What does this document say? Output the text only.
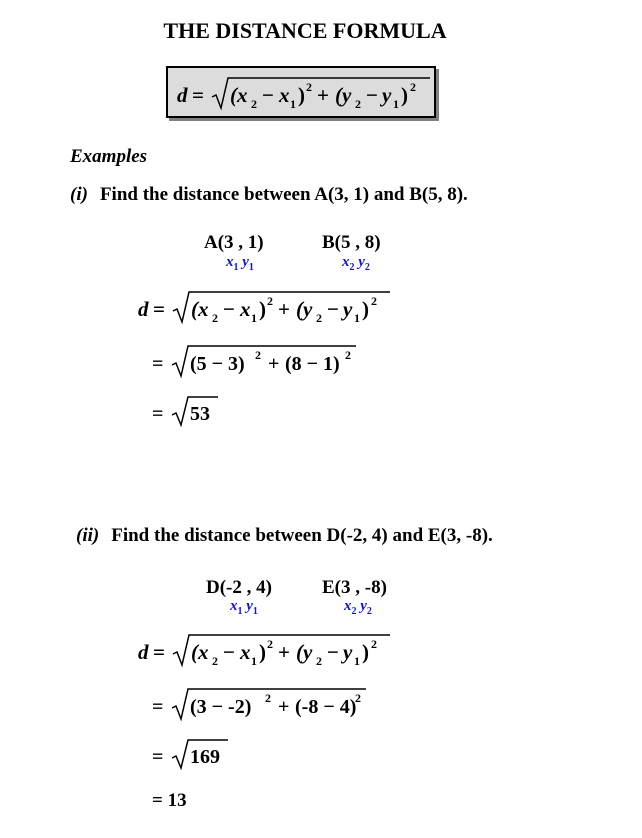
THE DISTANCE FORMULA
d = (x 2 − x 1 ) 2 + (y 2 − y 1 ) 2
Examples
(i) Find the distance between A(3, 1) and B(5, 8).
A(3 , 1)	B(5 , 8)
$x_1$ $y_1$	$x_2$ $y_2$
d = (x 2 − x 1 ) 2 + (y 2 − y 1 ) 2
= (5 − 3) 2 + (8 − 1) 2
= 53
(ii) Find the distance between D(-2, 4) and E(3, -8).
D(-2 , 4)	E(3 , -8)
$x_1$ $y_1$	$x_2$ $y_2$
d = (x 2 − x 1 ) 2 + (y 2 − y 1 ) 2
= (3 − -2) 2 + (-8 − 4)
2
= 169
= 13
